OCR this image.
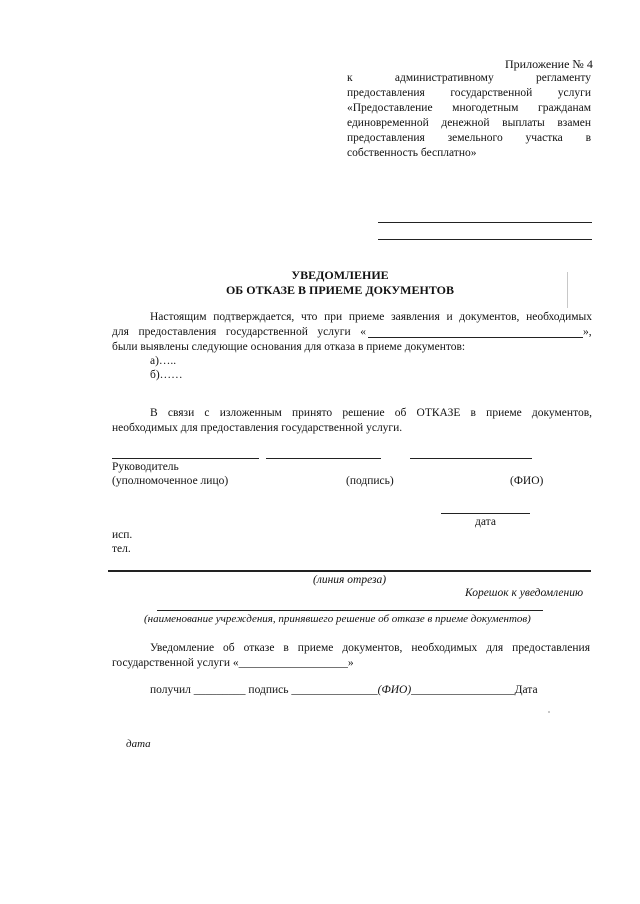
Приложение № 4
к административному регламенту
предоставления государственной услуги
«Предоставление многодетным гражданам
единовременной денежной выплаты взамен
предоставления земельного участка в
собственность бесплатно»
УВЕДОМЛЕНИЕ
ОБ ОТКАЗЕ В ПРИЕМЕ ДОКУМЕНТОВ
Настоящим подтверждается, что при приеме заявления и документов, необходимых
для предоставления государственной услуги «	»,
были выявлены следующие основания для отказа в приеме документов:
а)…..
б)……
В связи с изложенным принято решение об ОТКАЗЕ в приеме документов,
необходимых для предоставления государственной услуги.
Руководитель
(уполномоченное лицо)	(подпись)	(ФИО)
дата
исп.
тел.
(линия отреза)
Корешок к уведомлению
(наименование учреждения, принявшего решение об отказе в приеме документов)
Уведомление об отказе в приеме документов, необходимых для предоставления
государственной услуги «___________________»
получил _________ подпись _______________(ФИО)__________________Дата
дата
